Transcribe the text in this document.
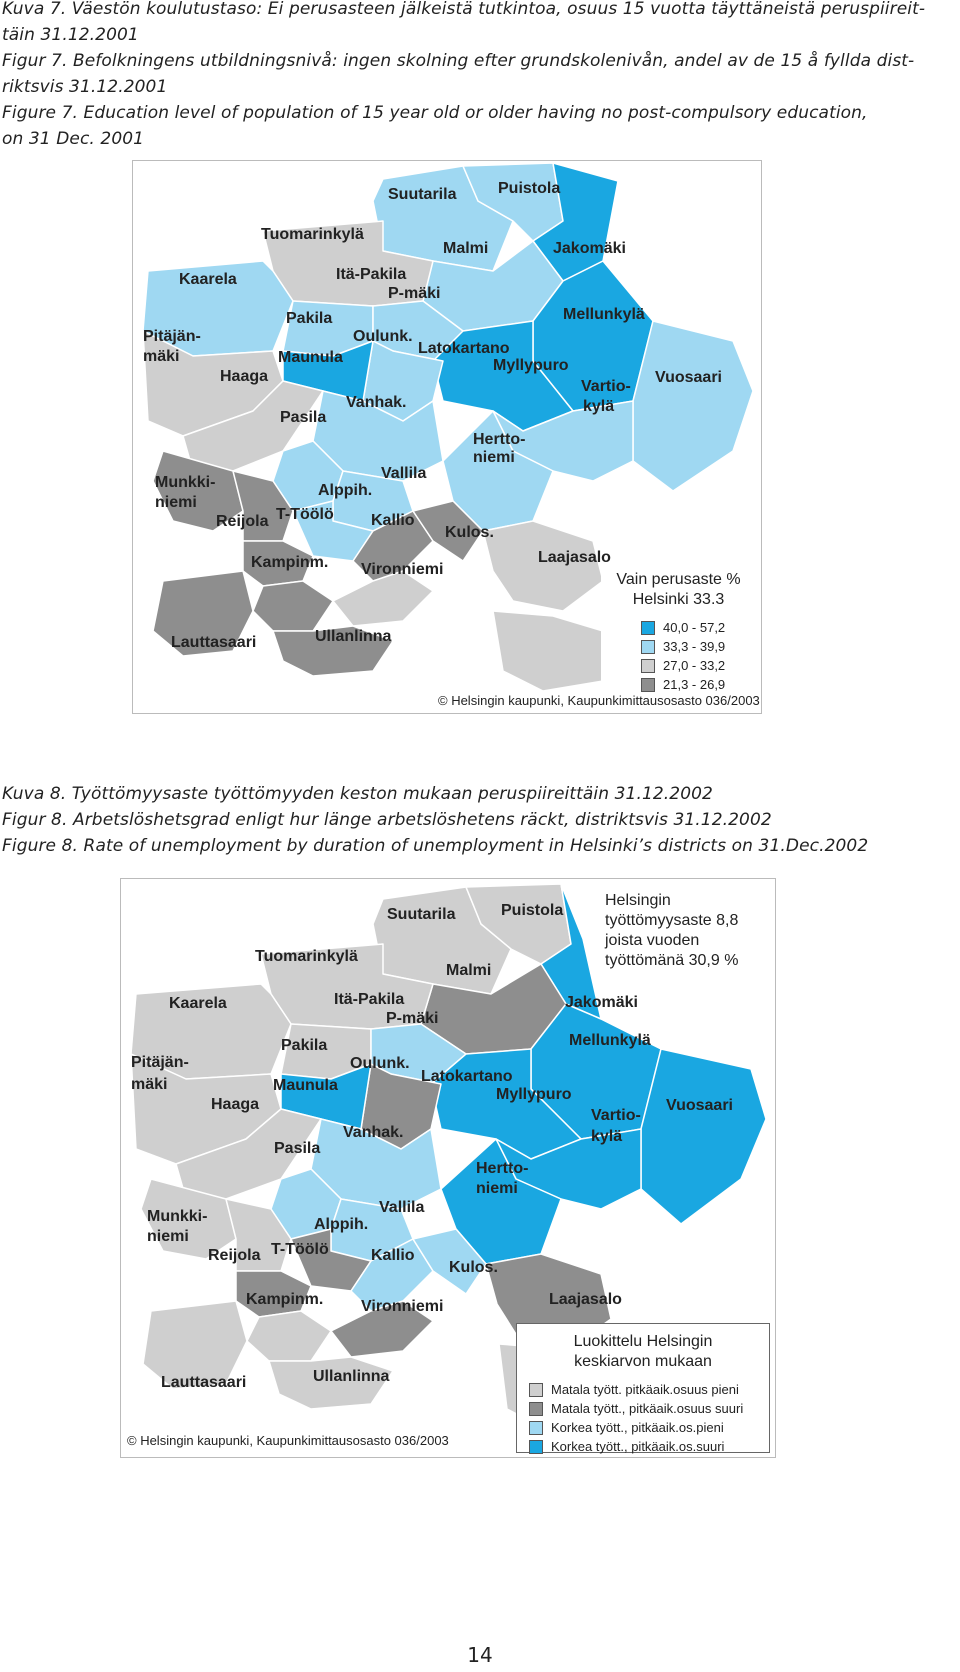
Kuva 7. Väestön koulutustaso: Ei perusasteen jälkeistä tutkintoa, osuus 15 vuotta täyttäneistä peruspiireit-
täin 31.12.2001
Figur 7. Befolkningens utbildningsnivå: ingen skolning efter grundskolenivån, andel av de 15 å fyllda dist-
riktsvis 31.12.2001
Figure 7. Education level of population of 15 year old or older having no post-compulsory education,
on 31 Dec. 2001
Suutarila	Puistola
Tuomarinkylä
Malmi	Jakomäki
Kaarela	Itä-Pakila
P-mäki
Mellunkylä
Pakila
Pitäjän-
mäki
Oulunk.
Latokartano
Maunula	Myllypuro
Haaga
Vartio-
kylä
Vuosaari
Vanhak.
Pasila
Hertto-
niemi
Vallila
Munkki-
niemi
Alppih.
Reijola T-Töölö Kallio
Kulos.
Kampinm.	Laajasalo
Vironniemi
Lauttasaari	Ullanlinna
Vain perusaste %
Helsinki 33.3
40,0 - 57,2
33,3 - 39,9
27,0 - 33,2
21,3 - 26,9
© Helsingin kaupunki, Kaupunkimittausosasto 036/2003
Kuva 8. Työttömyysaste työttömyyden keston mukaan peruspiireittäin 31.12.2002
Figur 8. Arbetslöshetsgrad enligt hur länge arbetslöshetens räckt, distriktsvis 31.12.2002
Figure 8. Rate of unemployment by duration of unemployment in Helsinki’s districts on 31.Dec.2002
Suutarila	Puistola
Tuomarinkylä
Malmi
Jakomäki
Kaarela	Itä-Pakila
P-mäki
Mellunkylä
Pakila
Pitäjän-
mäki
Oulunk.
Latokartano
Maunula
Myllypuro
Haaga
Vartio-
kylä
Vuosaari
Vanhak.
Pasila
Hertto-
niemi
Vallila
Munkki-
niemi
Alppih.
Reijola T-Töölö	Kallio
Kulos.
Kampinm.	Laajasalo
Vironniemi
Lauttasaari	Ullanlinna
Helsingin
työttömyysaste 8,8
joista vuoden
työttömänä 30,9 %
Luokittelu Helsingin
keskiarvon mukaan
Matala tyött. pitkäaik.osuus pieni
Matala tyött., pitkäaik.osuus suuri
Korkea tyött., pitkäaik.os.pieni
Korkea tyött., pitkäaik.os.suuri
© Helsingin kaupunki, Kaupunkimittausosasto 036/2003
14
